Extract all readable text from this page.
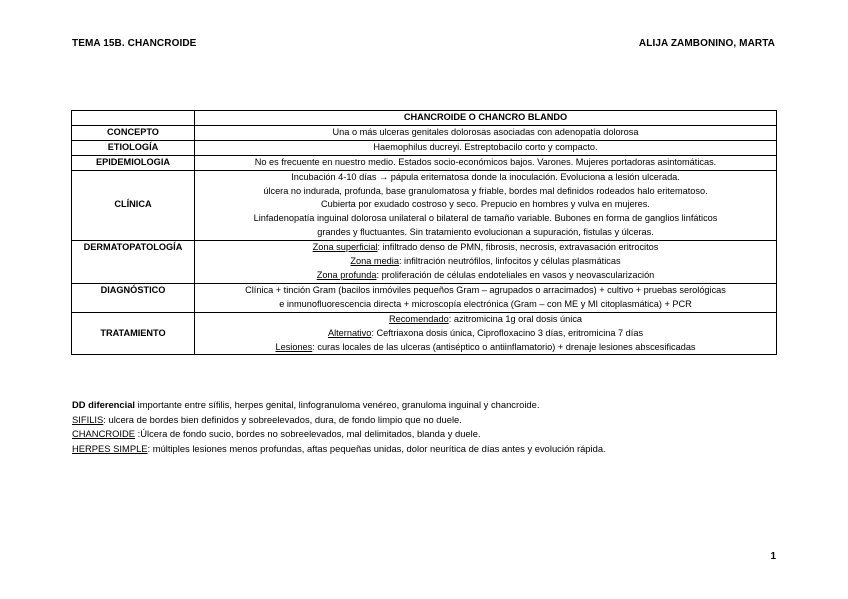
TEMA 15B. CHANCROIDE	ALIJA ZAMBONINO, MARTA
	CHANCROIDE O CHANCRO BLANDO
CONCEPTO	Una o más ulceras genitales dolorosas asociadas con adenopatía dolorosa
ETIOLOGÍA	Haemophilus ducreyi. Estreptobacilo corto y compacto.
EPIDEMIOLOGIA	No es frecuente en nuestro medio. Estados socio-económicos bajos. Varones. Mujeres portadoras asintomáticas.
CLÍNICA	Incubación 4-10 días → pápula eritematosa donde la inoculación. Evoluciona a lesión ulcerada.
úlcera no indurada, profunda, base granulomatosa y friable, bordes mal definidos rodeados halo eritematoso.
Cubierta por exudado costroso y seco. Prepucio en hombres y vulva en mujeres.
Linfadenopatía inguinal dolorosa unilateral o bilateral de tamaño variable. Bubones en forma de ganglios linfáticos
grandes y fluctuantes. Sin tratamiento evolucionan a supuración, fistulas y úlceras.

DERMATOPATOLOGÍA	Zona superficial: infiltrado denso de PMN, fibrosis, necrosis, extravasación eritrocitos
Zona media: infiltración neutrófilos, linfocitos y células plasmáticas
Zona profunda: proliferación de células endoteliales en vasos y neovascularización

DIAGNÓSTICO	Clínica + tinción Gram (bacilos inmóviles pequeños Gram – agrupados o arracimados) + cultivo + pruebas serológicas
e inmunofluorescencia directa + microscopía electrónica (Gram – con ME y MI citoplasmática) + PCR

TRATAMIENTO	Recomendado: azitromicina 1g oral dosis única
Alternativo: Ceftriaxona dosis única, Ciprofloxacino 3 días, eritromicina 7 días
Lesiones: curas locales de las ulceras (antiséptico o antiinflamatorio) + drenaje lesiones abscesificadas
DD diferencial importante entre sífilis, herpes genital, linfogranuloma venéreo, granuloma inguinal y chancroide.
SIFILIS: ulcera de bordes bien definidos y sobreelevados, dura, de fondo limpio que no duele.
CHANCROIDE :Úlcera de fondo sucio, bordes no sobreelevados, mal delimitados, blanda y duele.
HERPES SIMPLE: múltiples lesiones menos profundas, aftas pequeñas unidas, dolor neurítica de días antes y evolución rápida.
1
